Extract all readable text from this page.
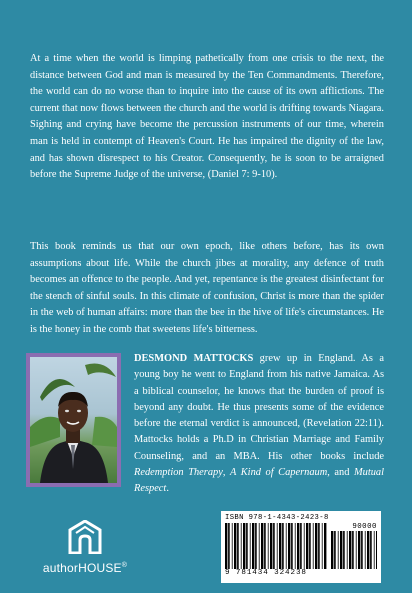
At a time when the world is limping pathetically from one crisis to the next, the distance between God and man is measured by the Ten Commandments. Therefore, the world can do no worse than to inquire into the cause of its own afflictions. The current that now flows between the church and the world is drifting towards Niagara. Sighing and crying have become the percussion instruments of our time, wherein man is held in contempt of Heaven's Court. He has impaired the dignity of the law, and has shown disrespect to his Creator. Consequently, he is soon to be arraigned before the Supreme Judge of the universe, (Daniel 7: 9-10).

This book reminds us that our own epoch, like others before, has its own assumptions about life. While the church jibes at morality, any defence of truth becomes an offence to the people. And yet, repentance is the greatest disinfectant for the stench of sinful souls. In this climate of confusion, Christ is more than the spider in the web of human affairs: more than the bee in the hive of life's circumstances. He is the honey in the comb that sweetens life's bitterness.

DESMOND MATTOCKS grew up in England. As a young boy he went to England from his native Jamaica. As a biblical counselor, he knows that the burden of proof is beyond any doubt. He thus presents some of the evidence before the eternal verdict is announced, (Revelation 22:11). Mattocks holds a Ph.D in Christian Marriage and Family Counseling, and an MBA. His other books include Redemption Therapy, A Kind of Capernaum, and Mutual Respect.

authorHOUSE®
ISBN 978-1-4343-2423-8
90000
9 781434 324238
